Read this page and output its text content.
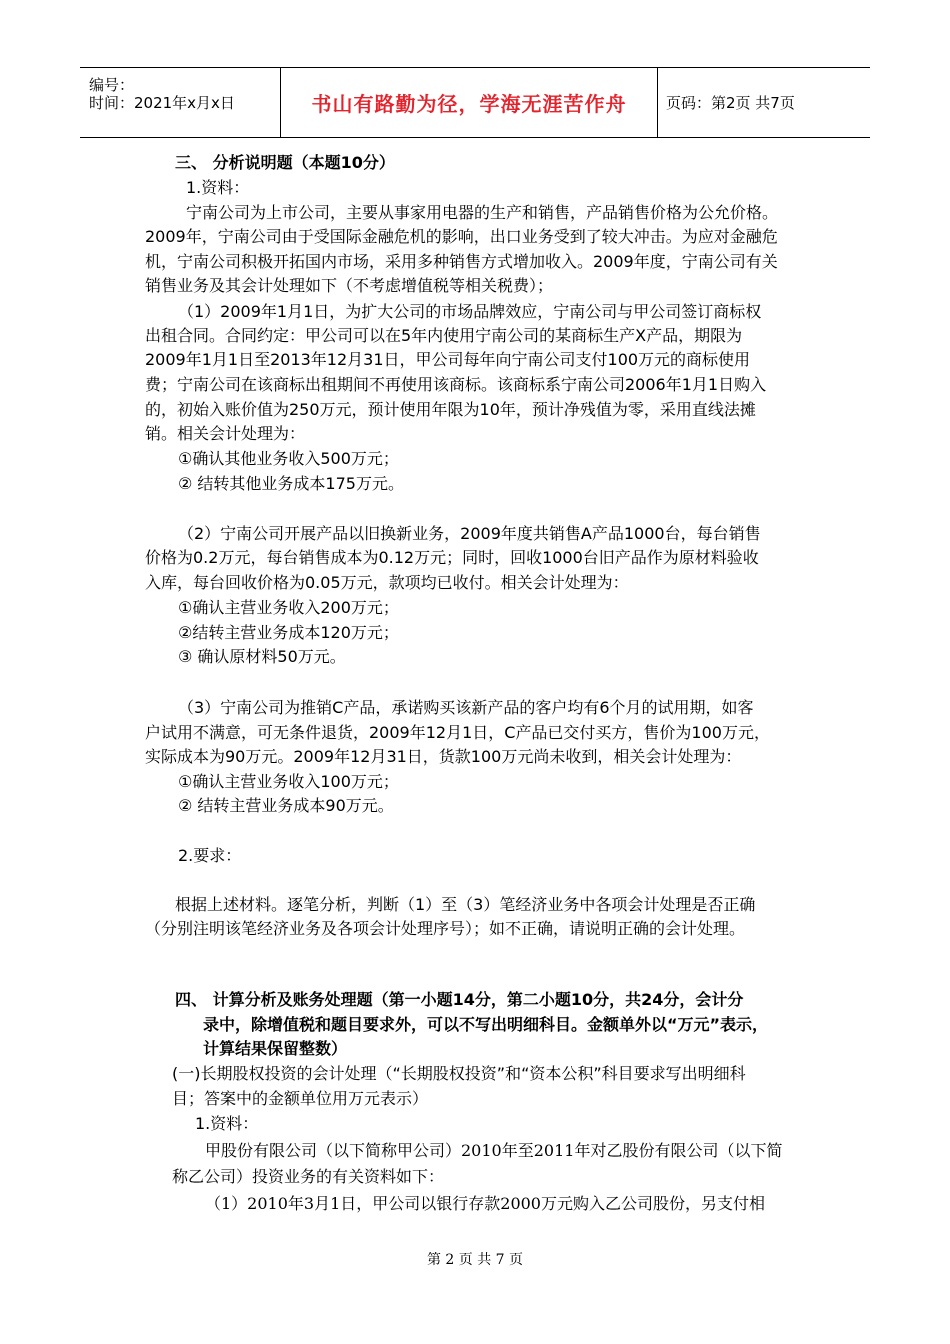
编号：
时间：2021年x月x日	书山有路勤为径，学海无涯苦作舟	页码：第2页 共7页
三、 分析说明题（本题10分）
1.资料：
宁南公司为上市公司，主要从事家用电器的生产和销售，产品销售价格为公允价格。
2009年，宁南公司由于受国际金融危机的影响，出口业务受到了较大冲击。为应对金融危
机，宁南公司积极开拓国内市场，采用多种销售方式增加收入。2009年度，宁南公司有关
销售业务及其会计处理如下（不考虑增值税等相关税费）；
（1）2009年1月1日，为扩大公司的市场品牌效应，宁南公司与甲公司签订商标权
出租合同。合同约定：甲公司可以在5年内使用宁南公司的某商标生产X产品，期限为
2009年1月1日至2013年12月31日，甲公司每年向宁南公司支付100万元的商标使用
费；宁南公司在该商标出租期间不再使用该商标。该商标系宁南公司2006年1月1日购入
的，初始入账价值为250万元，预计使用年限为10年，预计净残值为零，采用直线法摊
销。相关会计处理为：
①确认其他业务收入500万元；
② 结转其他业务成本175万元。
（2）宁南公司开展产品以旧换新业务，2009年度共销售A产品1000台，每台销售
价格为0.2万元，每台销售成本为0.12万元；同时，回收1000台旧产品作为原材料验收
入库，每台回收价格为0.05万元，款项均已收付。相关会计处理为：
①确认主营业务收入200万元；
②结转主营业务成本120万元；
③ 确认原材料50万元。
（3）宁南公司为推销C产品，承诺购买该新产品的客户均有6个月的试用期，如客
户试用不满意，可无条件退货，2009年12月1日，C产品已交付买方，售价为100万元，
实际成本为90万元。2009年12月31日，货款100万元尚未收到，相关会计处理为：
①确认主营业务收入100万元；
② 结转主营业务成本90万元。
2.要求：
根据上述材料。逐笔分析，判断（1）至（3）笔经济业务中各项会计处理是否正确
（分别注明该笔经济业务及各项会计处理序号）；如不正确，请说明正确的会计处理。
四、 计算分析及账务处理题（第一小题14分，第二小题10分，共24分，会计分
录中，除增值税和题目要求外，可以不写出明细科目。金额单外以“万元”表示，
计算结果保留整数）
(一)长期股权投资的会计处理（“长期股权投资”和“资本公积”科目要求写出明细科
目；答案中的金额单位用万元表示）
1.资料：
甲股份有限公司（以下简称甲公司）2010年至2011年对乙股份有限公司（以下简
称乙公司）投资业务的有关资料如下：
（1）2010年3月1日，甲公司以银行存款2000万元购入乙公司股份，另支付相
第 2 页 共 7 页
